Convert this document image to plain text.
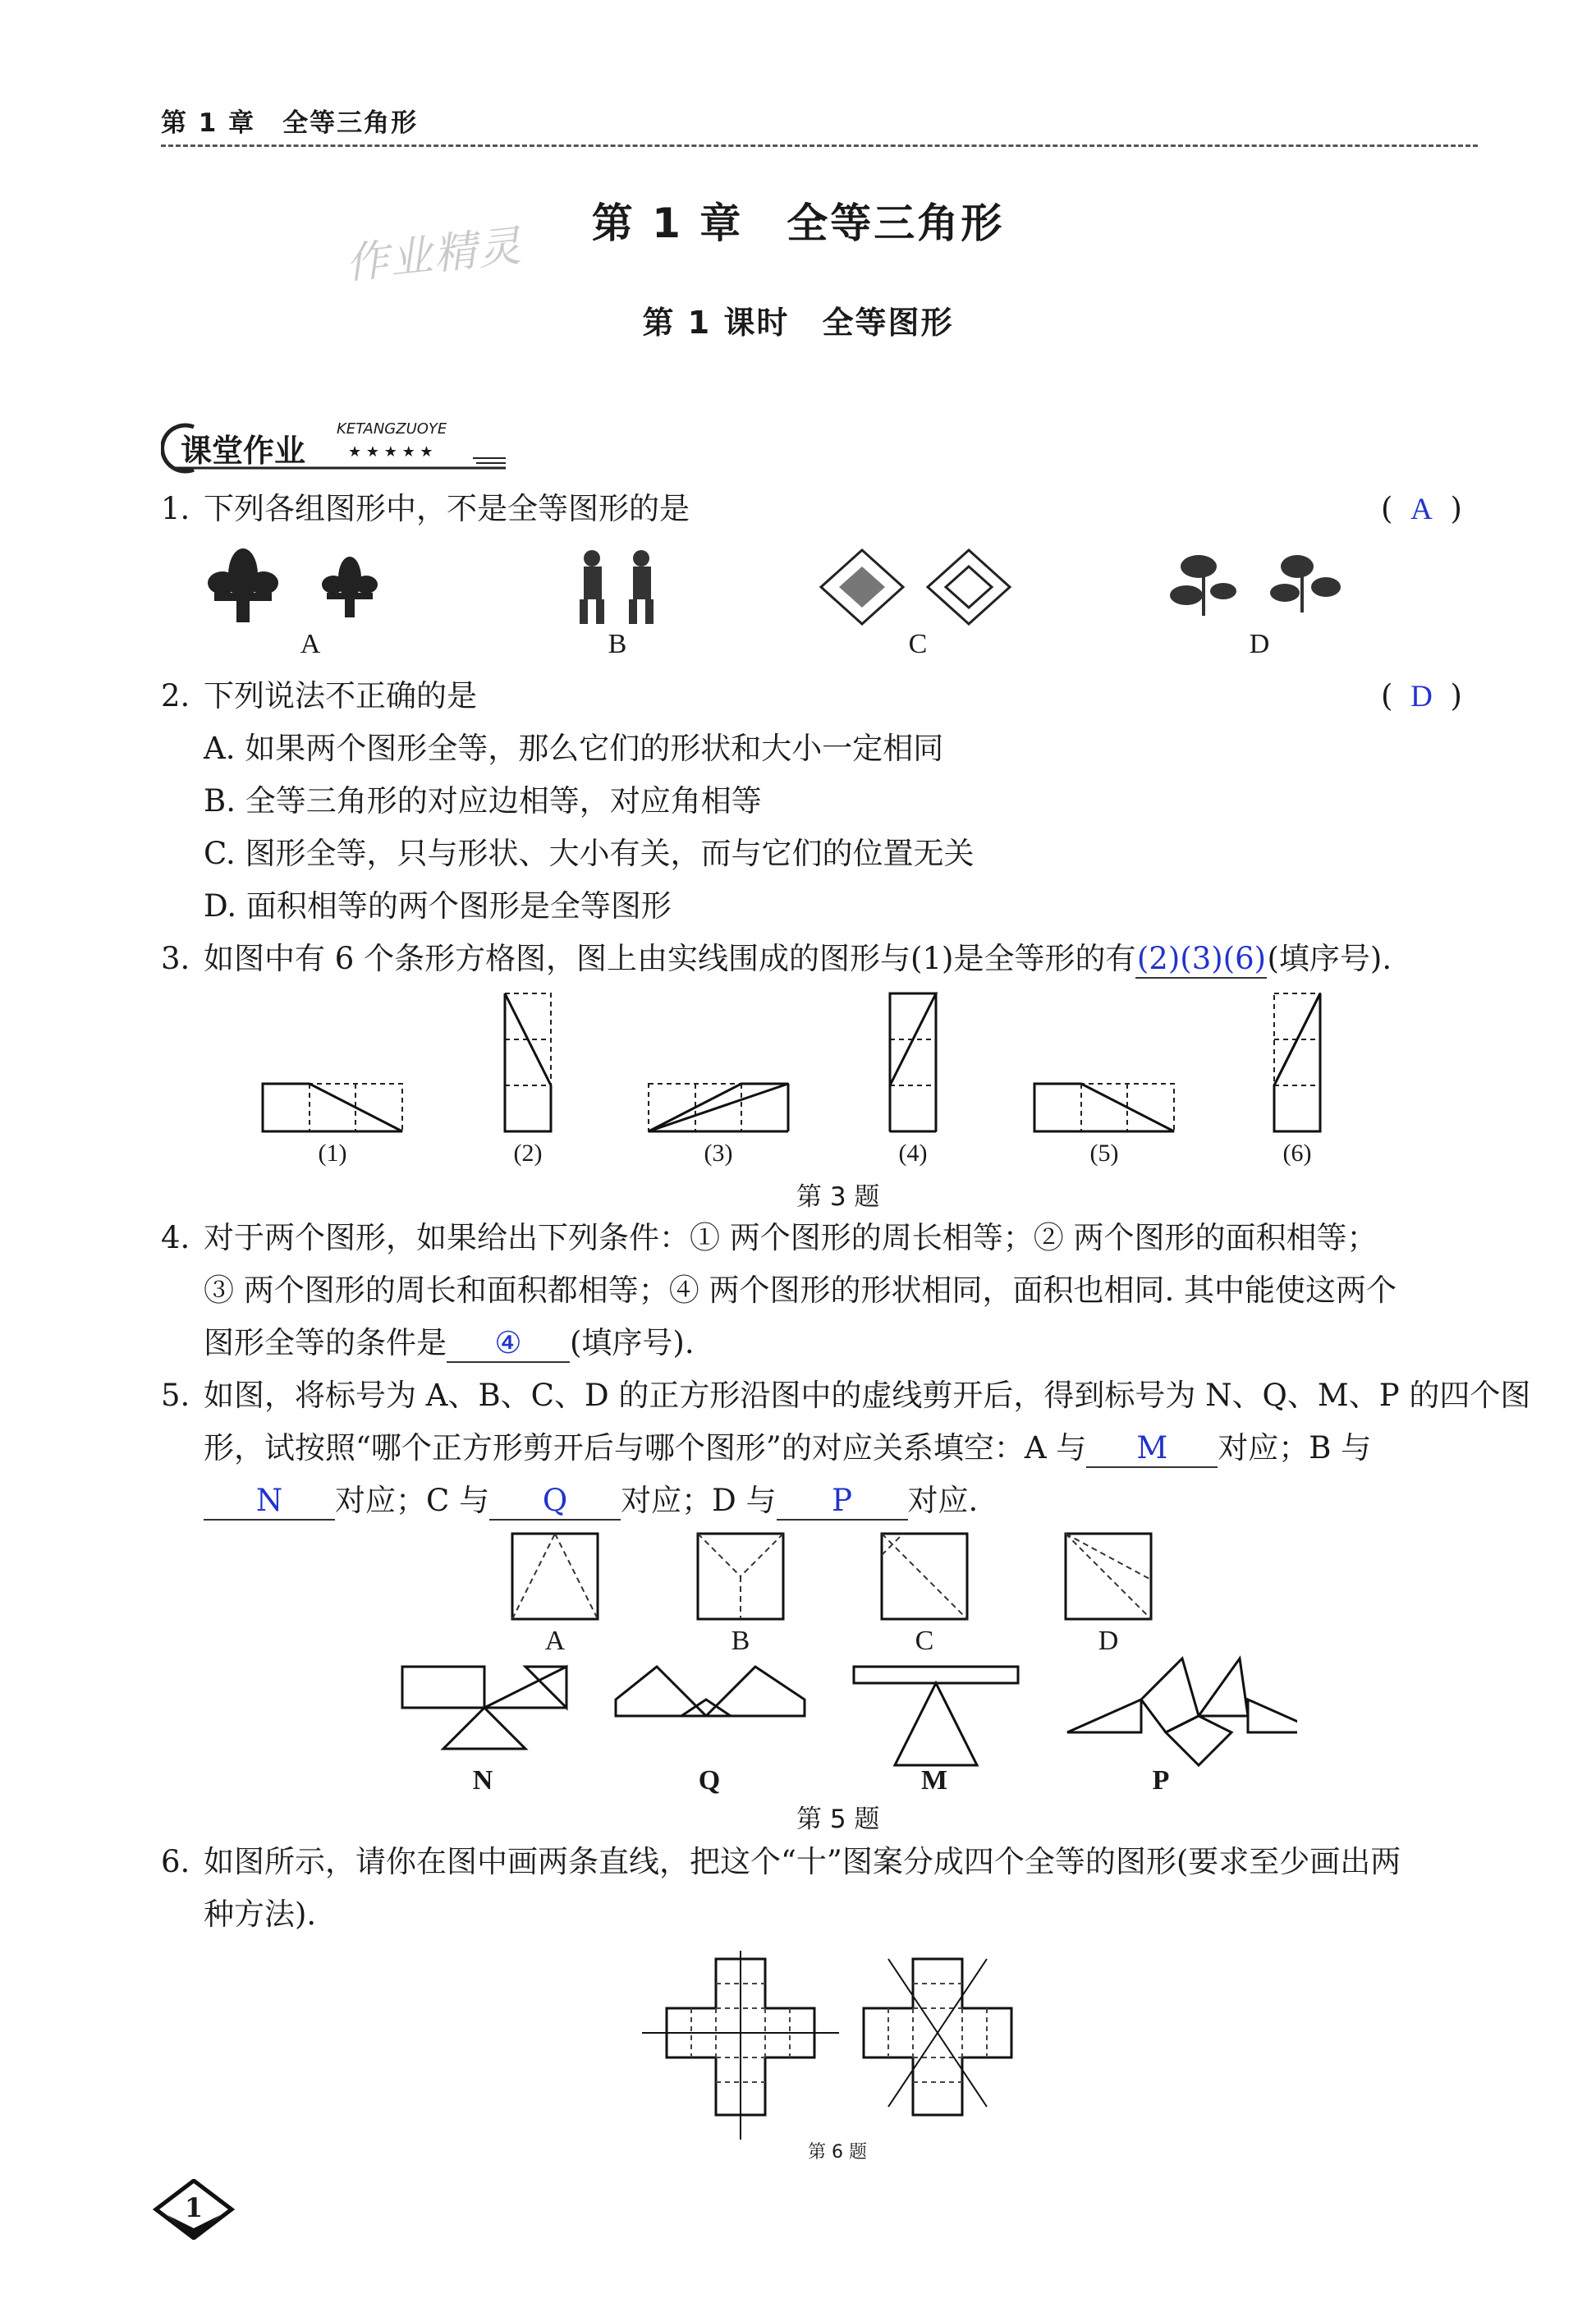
第 1 章　全等三角形
作业精灵	第 1 章　全等三角形
第 1 课时　全等图形
课堂作业
KETANGZUOYE
★ ★ ★ ★ ★
1. 下列各组图形中，不是全等图形的是	( A )
A	B	C	D
2. 下列说法不正确的是	( D )
A. 如果两个图形全等，那么它们的形状和大小一定相同
B. 全等三角形的对应边相等，对应角相等
C. 图形全等，只与形状、大小有关，而与它们的位置无关
D. 面积相等的两个图形是全等图形
3. 如图中有 6 个条形方格图，图上由实线围成的图形与(1)是全等形的有(2)(3)(6)(填序号).
(1)	(2)	(3)	(4)	(5)	(6)
第 3 题
4. 对于两个图形，如果给出下列条件：① 两个图形的周长相等；② 两个图形的面积相等；
③ 两个图形的周长和面积都相等；④ 两个图形的形状相同，面积也相同. 其中能使这两个
图形全等的条件是 ④ (填序号).
5. 如图，将标号为 A、B、C、D 的正方形沿图中的虚线剪开后，得到标号为 N、Q、M、P 的四个图
形，试按照“哪个正方形剪开后与哪个图形”的对应关系填空：A 与 M 对应；B 与
N 对应；C 与 Q 对应；D 与 P 对应.
A	B	C	D
N	Q	M	P
第 5 题
6. 如图所示，请你在图中画两条直线，把这个“十”图案分成四个全等的图形(要求至少画出两
种方法).
第 6 题
1
